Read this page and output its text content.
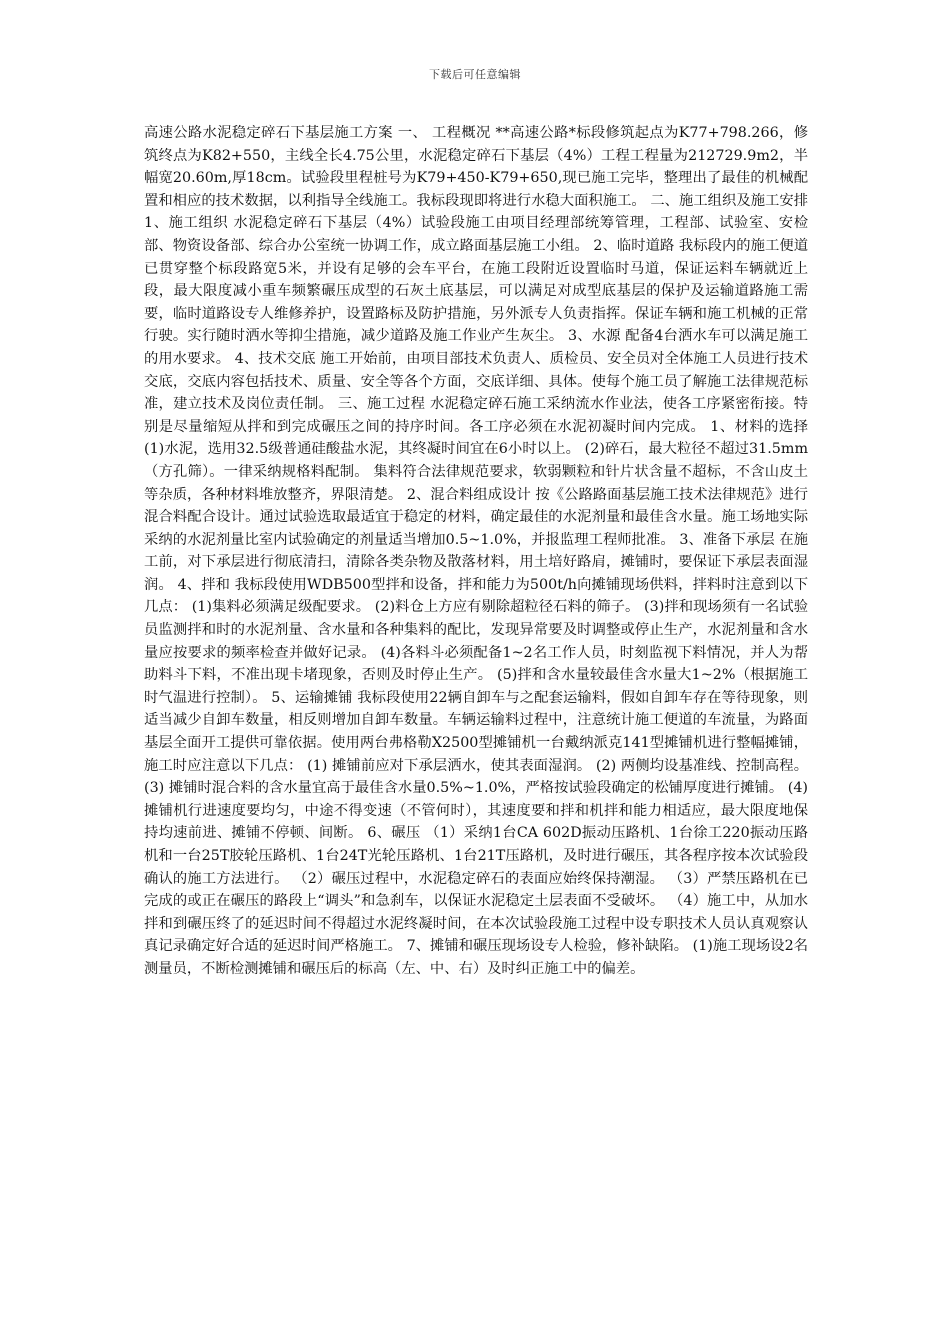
下载后可任意编辑

高速公路水泥稳定碎石下基层施工方案 一、 工程概况 **高速公路*标段修筑起点为K77+798.266，修筑终点为K82+550，主线全长4.75公里，水泥稳定碎石下基层（4%）工程工程量为212729.9m2，半幅宽20.60m,厚18cm。试验段里程桩号为K79+450-K79+650,现已施工完毕，整理出了最佳的机械配置和相应的技术数据，以利指导全线施工。我标段现即将进行水稳大面积施工。 二、施工组织及施工安排 1、施工组织 水泥稳定碎石下基层（4%）试验段施工由项目经理部统筹管理，工程部、试验室、安检部、物资设备部、综合办公室统一协调工作，成立路面基层施工小组。 2、临时道路 我标段内的施工便道已贯穿整个标段路宽5米，并设有足够的会车平台，在施工段附近设置临时马道，保证运料车辆就近上段，最大限度减小重车频繁碾压成型的石灰土底基层，可以满足对成型底基层的保护及运输道路施工需要，临时道路设专人维修养护，设置路标及防护措施，另外派专人负责指挥。保证车辆和施工机械的正常行驶。实行随时洒水等抑尘措施，减少道路及施工作业产生灰尘。 3、水源 配备4台洒水车可以满足施工的用水要求。 4、技术交底 施工开始前，由项目部技术负责人、质检员、安全员对全体施工人员进行技术交底，交底内容包括技术、质量、安全等各个方面，交底详细、具体。使每个施工员了解施工法律规范标准，建立技术及岗位责任制。 三、施工过程 水泥稳定碎石施工采纳流水作业法，使各工序紧密衔接。特别是尽量缩短从拌和到完成碾压之间的持序时间。各工序必须在水泥初凝时间内完成。 1、材料的选择 (1)水泥，选用32.5级普通硅酸盐水泥，其终凝时间宜在6小时以上。 (2)碎石，最大粒径不超过31.5mm（方孔筛）。一律采纳规格料配制。 集料符合法律规范要求，软弱颗粒和针片状含量不超标，不含山皮土等杂质，各种材料堆放整齐，界限清楚。 2、混合料组成设计 按《公路路面基层施工技术法律规范》进行混合料配合设计。通过试验选取最适宜于稳定的材料，确定最佳的水泥剂量和最佳含水量。施工场地实际采纳的水泥剂量比室内试验确定的剂量适当增加0.5~1.0%，并报监理工程师批准。 3、准备下承层 在施工前，对下承层进行彻底清扫，清除各类杂物及散落材料，用土培好路肩，摊铺时，要保证下承层表面湿润。 4、拌和 我标段使用WDB500型拌和设备，拌和能力为500t/h向摊铺现场供料，拌料时注意到以下几点： (1)集料必须满足级配要求。 (2)料仓上方应有剔除超粒径石料的筛子。 (3)拌和现场须有一名试验员监测拌和时的水泥剂量、含水量和各种集料的配比，发现异常要及时调整或停止生产，水泥剂量和含水量应按要求的频率检查并做好记录。 (4)各料斗必须配备1~2名工作人员，时刻监视下料情况，并人为帮助料斗下料，不准出现卡堵现象，否则及时停止生产。 (5)拌和含水量较最佳含水量大1~2%（根据施工时气温进行控制）。 5、运输摊铺 我标段使用22辆自卸车与之配套运输料，假如自卸车存在等待现象，则适当减少自卸车数量，相反则增加自卸车数量。车辆运输料过程中，注意统计施工便道的车流量，为路面基层全面开工提供可靠依据。使用两台弗格勒X2500型摊铺机一台戴纳派克141型摊铺机进行整幅摊铺，施工时应注意以下几点： (1) 摊铺前应对下承层洒水，使其表面湿润。 (2) 两侧均设基准线、控制高程。 (3) 摊铺时混合料的含水量宜高于最佳含水量0.5%~1.0%，严格按试验段确定的松铺厚度进行摊铺。 (4)摊铺机行进速度要均匀，中途不得变速（不管何时），其速度要和拌和机拌和能力相适应，最大限度地保持均速前进、摊铺不停顿、间断。 6、碾压 （1）采纳1台CA 602D振动压路机、1台徐工220振动压路机和一台25T胶轮压路机、1台24T光轮压路机、1台21T压路机，及时进行碾压，其各程序按本次试验段确认的施工方法进行。 （2）碾压过程中，水泥稳定碎石的表面应始终保持潮湿。 （3）严禁压路机在已完成的或正在碾压的路段上“调头”和急刹车，以保证水泥稳定土层表面不受破坏。 （4）施工中，从加水拌和到碾压终了的延迟时间不得超过水泥终凝时间，在本次试验段施工过程中设专职技术人员认真观察认真记录确定好合适的延迟时间严格施工。 7、摊铺和碾压现场设专人检验，修补缺陷。 (1)施工现场设2名测量员，不断检测摊铺和碾压后的标高（左、中、右）及时纠正施工中的偏差。
